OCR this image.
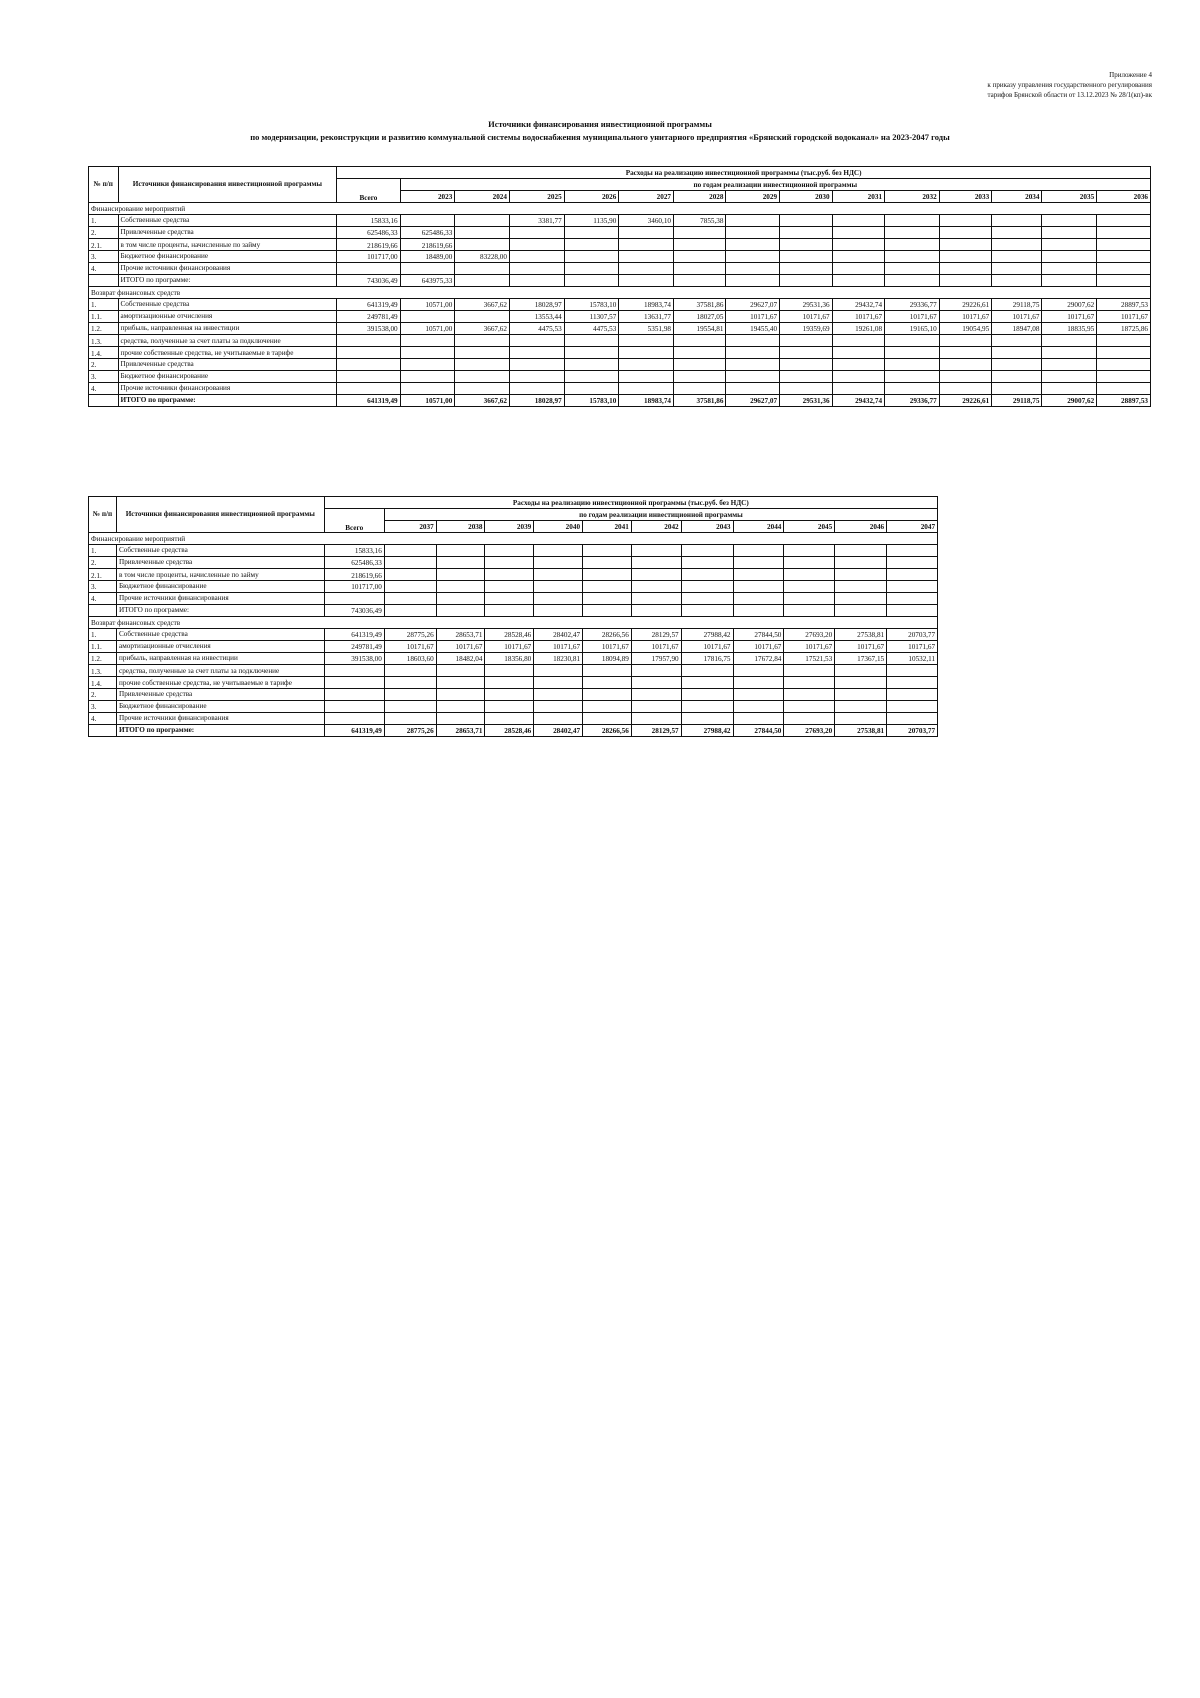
Приложение 4
к приказу управления государственного регулирования
тарифов Брянской области от 13.12.2023 № 28/1(кп)-вк
Источники финансирования инвестиционной программы
по модернизации, реконструкции и развитию коммунальной системы водоснабжения муниципального унитарного предприятия «Брянский городской водоканал» на 2023-2047 годы
№ п/п	Источники финансирования инвестиционной программы	Расходы на реализацию инвестиционной программы (тыс.руб. без НДС)														
		Всего	по годам реализации инвестиционной программы													
			2023	2024	2025	2026	2027	2028	2029	2030	2031	2032	2033	2034	2035	2036
Финансирование мероприятий																
1.	Собственные средства	15833,16			3381,77	1135,90	3460,10	7855,38								
2.	Привлеченные средства	625486,33	625486,33													
2.1.	в том числе проценты, начисленные по займу	218619,66	218619,66													
3.	Бюджетное финансирование	101717,00	18489,00	83228,00												
4.	Прочие источники финансирования															
	ИТОГО по программе:	743036,49	643975,33													
Возврат финансовых средств																
1.	Собственные средства	641319,49	10571,00	3667,62	18028,97	15783,10	18983,74	37581,86	29627,07	29531,36	29432,74	29336,77	29226,61	29118,75	29007,62	28897,53
1.1.	амортизационные отчисления	249781,49			13553,44	11307,57	13631,77	18027,05	10171,67	10171,67	10171,67	10171,67	10171,67	10171,67	10171,67	10171,67
1.2.	прибыль, направленная на инвестиции	391538,00	10571,00	3667,62	4475,53	4475,53	5351,98	19554,81	19455,40	19359,69	19261,08	19165,10	19054,95	18947,08	18835,95	18725,86
1.3.	средства, полученные за счет платы за подключение															
1.4.	прочие собственные средства, не учитываемые в тарифе															
2.	Привлеченные средства															
3.	Бюджетное финансирование															
4.	Прочие источники финансирования															
	ИТОГО по программе:	641319,49	10571,00	3667,62	18028,97	15783,10	18983,74	37581,86	29627,07	29531,36	29432,74	29336,77	29226,61	29118,75	29007,62	28897,53
№ п/п	Источники финансирования инвестиционной программы	Расходы на реализацию инвестиционной программы (тыс.руб. без НДС)											
		Всего	по годам реализации инвестиционной программы										
			2037	2038	2039	2040	2041	2042	2043	2044	2045	2046	2047
Финансирование мероприятий													
1.	Собственные средства	15833,16											
2.	Привлеченные средства	625486,33											
2.1.	в том числе проценты, начисленные по займу	218619,66											
3.	Бюджетное финансирование	101717,00											
4.	Прочие источники финансирования												
	ИТОГО по программе:	743036,49											
Возврат финансовых средств													
1.	Собственные средства	641319,49	28775,26	28653,71	28528,46	28402,47	28266,56	28129,57	27988,42	27844,50	27693,20	27538,81	20703,77
1.1.	амортизационные отчисления	249781,49	10171,67	10171,67	10171,67	10171,67	10171,67	10171,67	10171,67	10171,67	10171,67	10171,67	10171,67
1.2.	прибыль, направленная на инвестиции	391538,00	18603,60	18482,04	18356,80	18230,81	18094,89	17957,90	17816,75	17672,84	17521,53	17367,15	10532,11
1.3.	средства, полученные за счет платы за подключение												
1.4.	прочие собственные средства, не учитываемые в тарифе												
2.	Привлеченные средства												
3.	Бюджетное финансирование												
4.	Прочие источники финансирования												
	ИТОГО по программе:	641319,49	28775,26	28653,71	28528,46	28402,47	28266,56	28129,57	27988,42	27844,50	27693,20	27538,81	20703,77
